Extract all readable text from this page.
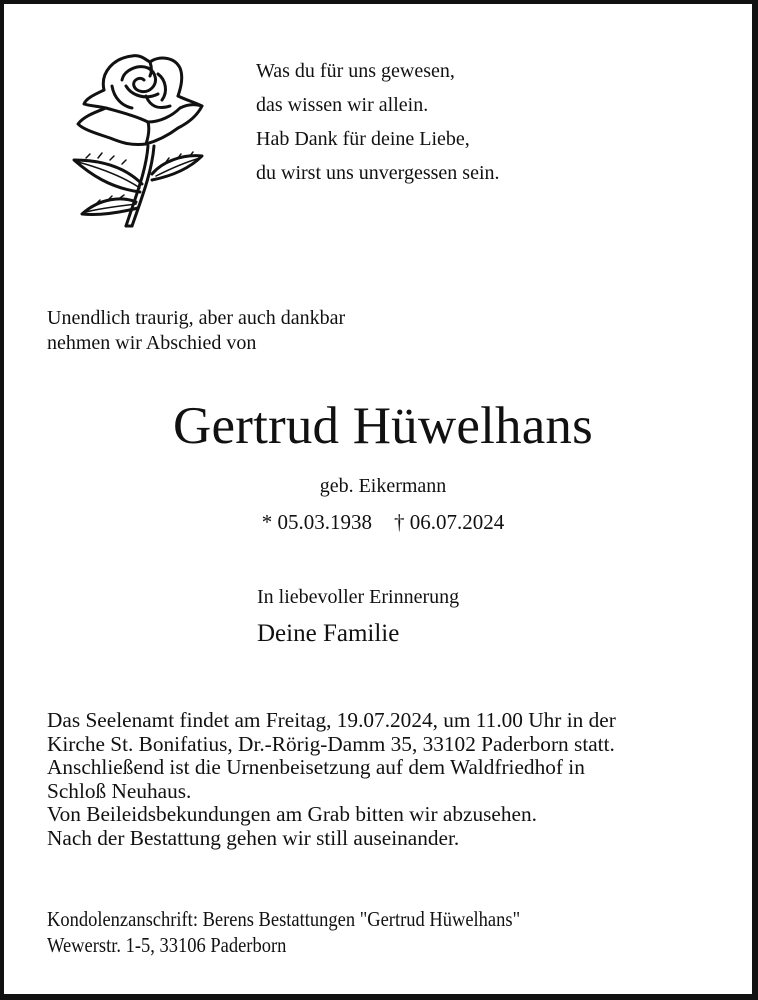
Was du für uns gewesen,
das wissen wir allein.
Hab Dank für deine Liebe,
du wirst uns unvergessen sein.
Unendlich traurig, aber auch dankbar
nehmen wir Abschied von
Gertrud Hüwelhans
geb. Eikermann
* 05.03.1938 † 06.07.2024
In liebevoller Erinnerung
Deine Familie
Das Seelenamt findet am Freitag, 19.07.2024, um 11.00 Uhr in der
Kirche St. Bonifatius, Dr.-Rörig-Damm 35, 33102 Paderborn statt.
Anschließend ist die Urnenbeisetzung auf dem Waldfriedhof in
Schloß Neuhaus.
Von Beileidsbekundungen am Grab bitten wir abzusehen.
Nach der Bestattung gehen wir still auseinander.
Kondolenzanschrift: Berens Bestattungen "Gertrud Hüwelhans"
Wewerstr. 1-5, 33106 Paderborn
